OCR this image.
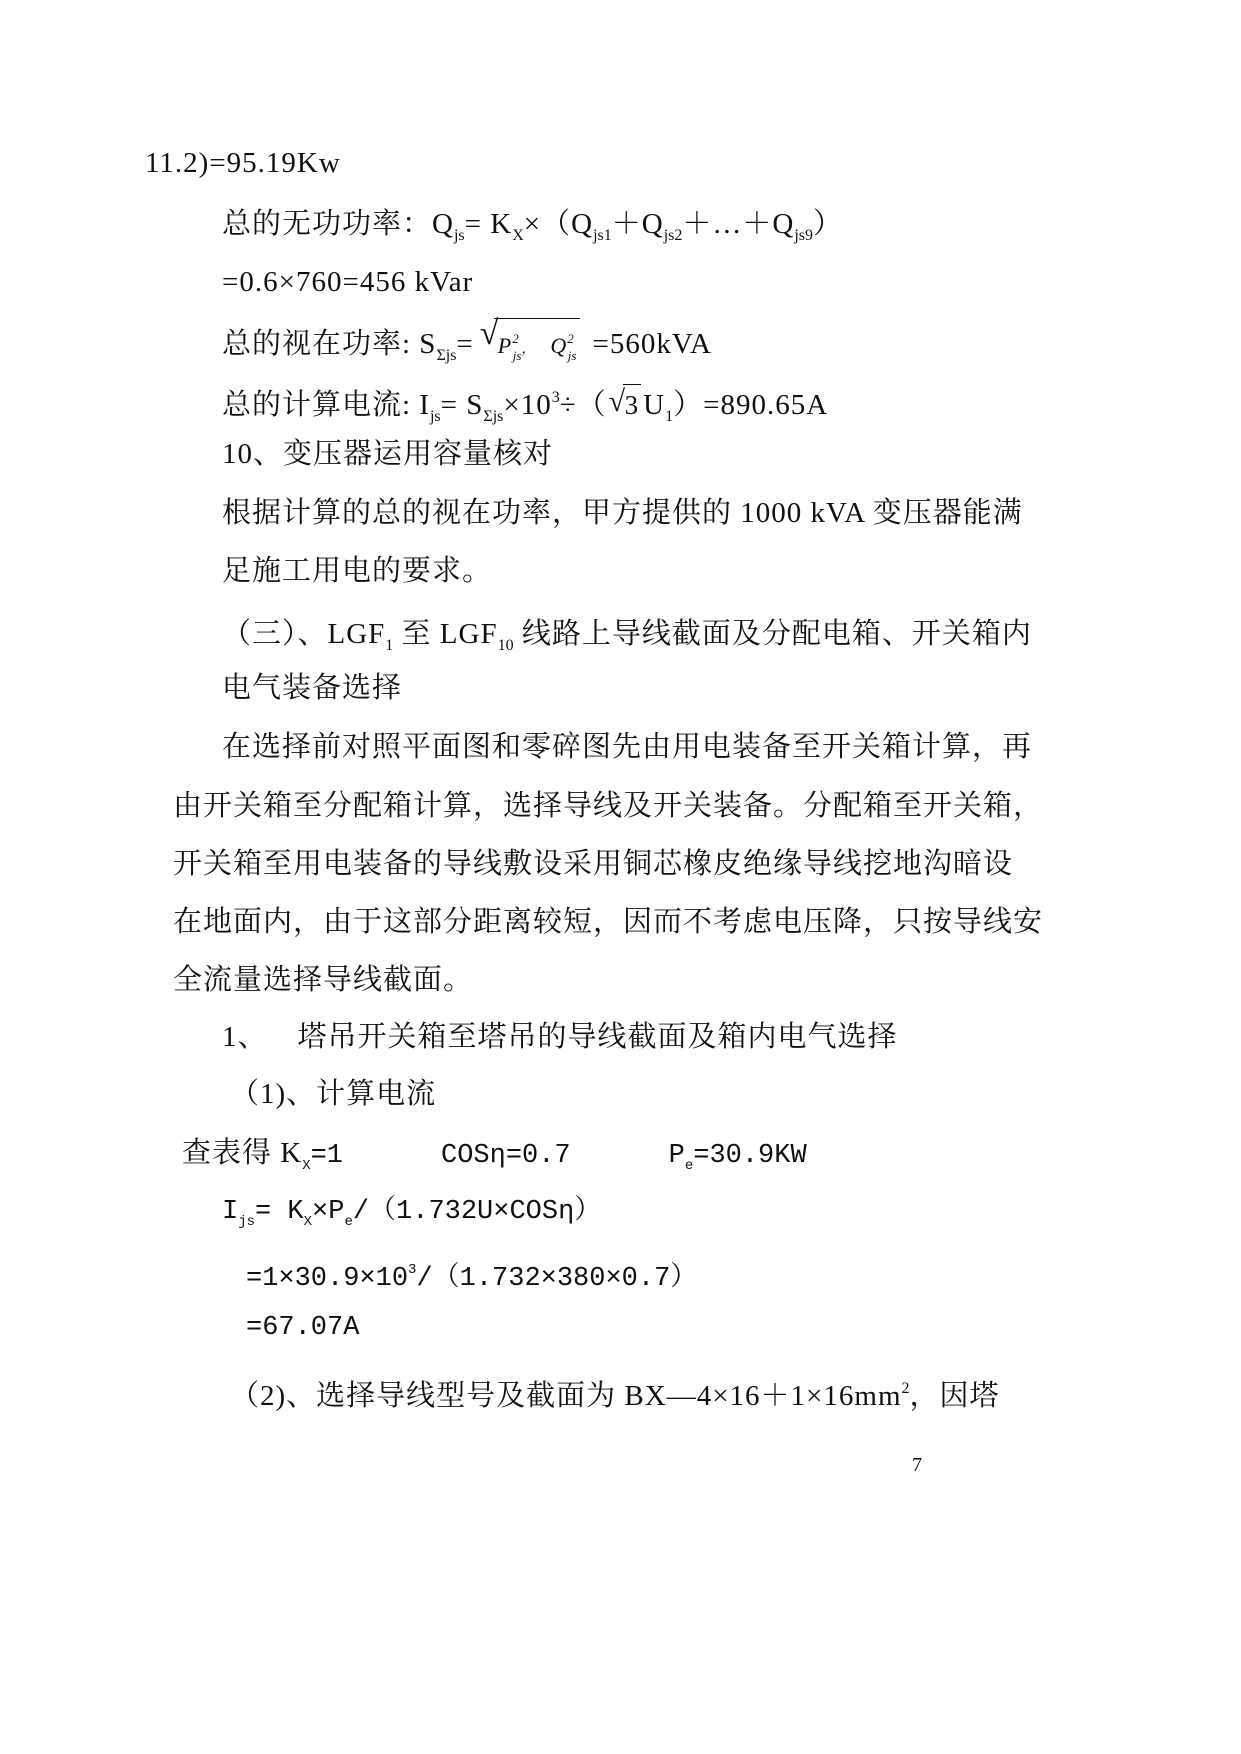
11.2)=95.19Kw
总的无功功率：$Q_{js}=$ $K_X\times(Q_{js1}+Q_{js2}+\dots+Q_{js9})$
=0.6×760=456 kVar
总的视在功率: $S_{\Sigma js}=$ √
$P^2_{js}$， $Q^2_{js} =560kVA$
总的计算电流: $I_{js}= S_{\Sigma js}\times 10^3\div$（ √
3 $U_1)=890.65A$
10、变压器运用容量核对
根据计算的总的视在功率，甲方提供的 1000 kVA 变压器能满
足施工用电的要求。
（三）、$LGF_1$ 至 $LGF_{10}$ 线路上导线截面及分配电箱、开关箱内
电气装备选择
在选择前对照平面图和零碎图先由用电装备至开关箱计算，再
由开关箱至分配箱计算，选择导线及开关装备。分配箱至开关箱，
开关箱至用电装备的导线敷设采用铜芯橡皮绝缘导线挖地沟暗设
在地面内，由于这部分距离较短，因而不考虑电压降，只按导线安
全流量选择导线截面。
1、 塔吊开关箱至塔吊的导线截面及箱内电气选择
（1)、计算电流
查表得 $K_X=1$	COSη=0.7	$P_e=30.9KW$
$I_{js}= K_X\times P_e/(1.732U\times COS\eta)$
$=1\times 30.9\times 10^3/(1.732\times 380\times 0.7)$
=67.07A
（2)、选择导线型号及截面为 $BX—4\times 16+1\times 16mm^2$，因塔
7
